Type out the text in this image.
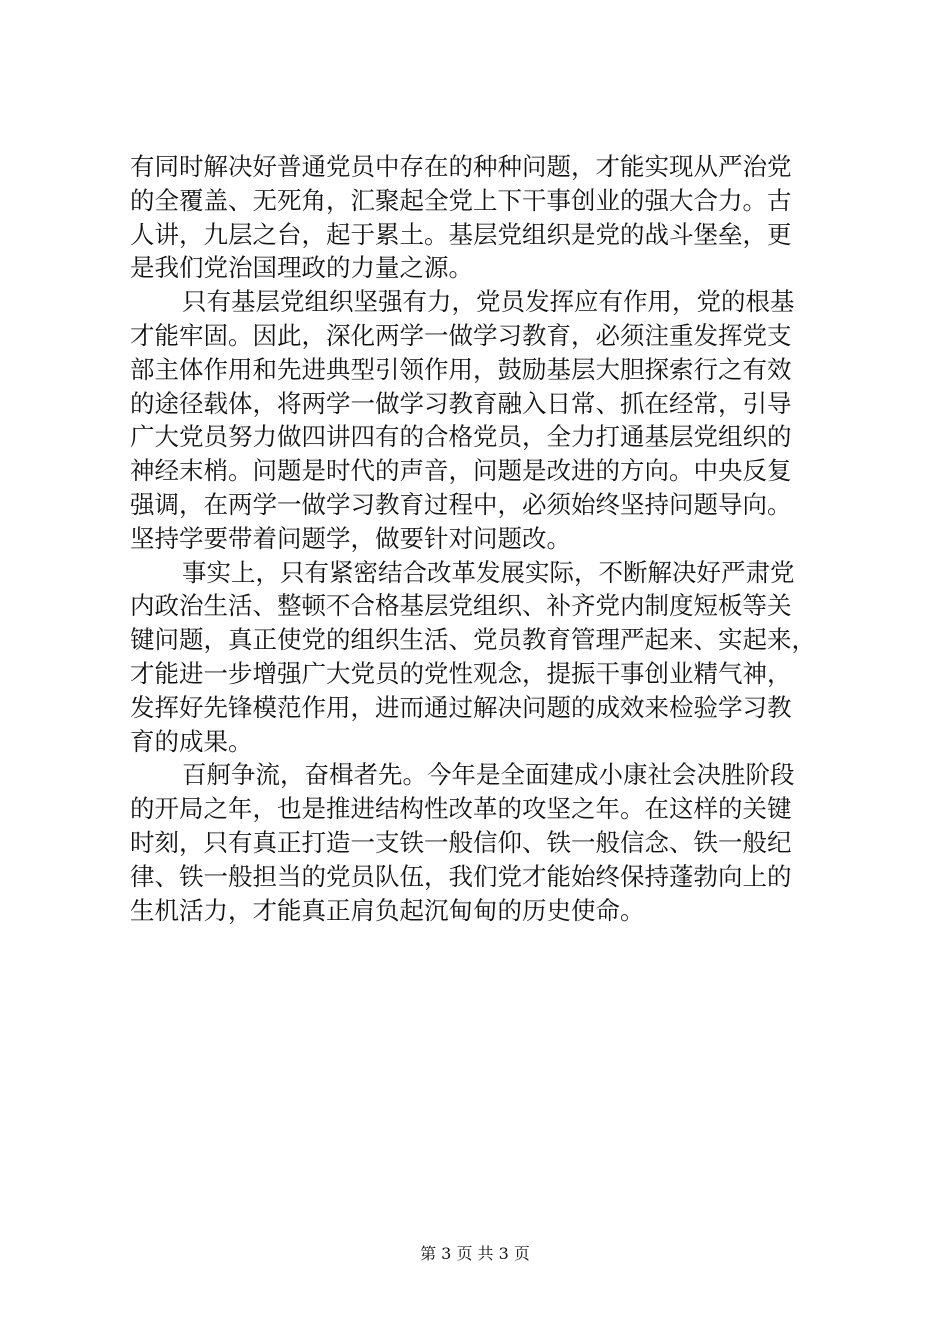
有同时解决好普通党员中存在的种种问题，才能实现从严治党
的全覆盖、无死角，汇聚起全党上下干事创业的强大合力。古
人讲，九层之台，起于累土。基层党组织是党的战斗堡垒，更
是我们党治国理政的力量之源。
只有基层党组织坚强有力，党员发挥应有作用，党的根基
才能牢固。因此，深化两学一做学习教育，必须注重发挥党支
部主体作用和先进典型引领作用，鼓励基层大胆探索行之有效
的途径载体，将两学一做学习教育融入日常、抓在经常，引导
广大党员努力做四讲四有的合格党员，全力打通基层党组织的
神经末梢。问题是时代的声音，问题是改进的方向。中央反复
强调，在两学一做学习教育过程中，必须始终坚持问题导向。
坚持学要带着问题学，做要针对问题改。
事实上，只有紧密结合改革发展实际，不断解决好严肃党
内政治生活、整顿不合格基层党组织、补齐党内制度短板等关
键问题，真正使党的组织生活、党员教育管理严起来、实起来，
才能进一步增强广大党员的党性观念，提振干事创业精气神，
发挥好先锋模范作用，进而通过解决问题的成效来检验学习教
育的成果。
百舸争流，奋楫者先。今年是全面建成小康社会决胜阶段
的开局之年，也是推进结构性改革的攻坚之年。在这样的关键
时刻，只有真正打造一支铁一般信仰、铁一般信念、铁一般纪
律、铁一般担当的党员队伍，我们党才能始终保持蓬勃向上的
生机活力，才能真正肩负起沉甸甸的历史使命。
第 3 页 共 3 页
